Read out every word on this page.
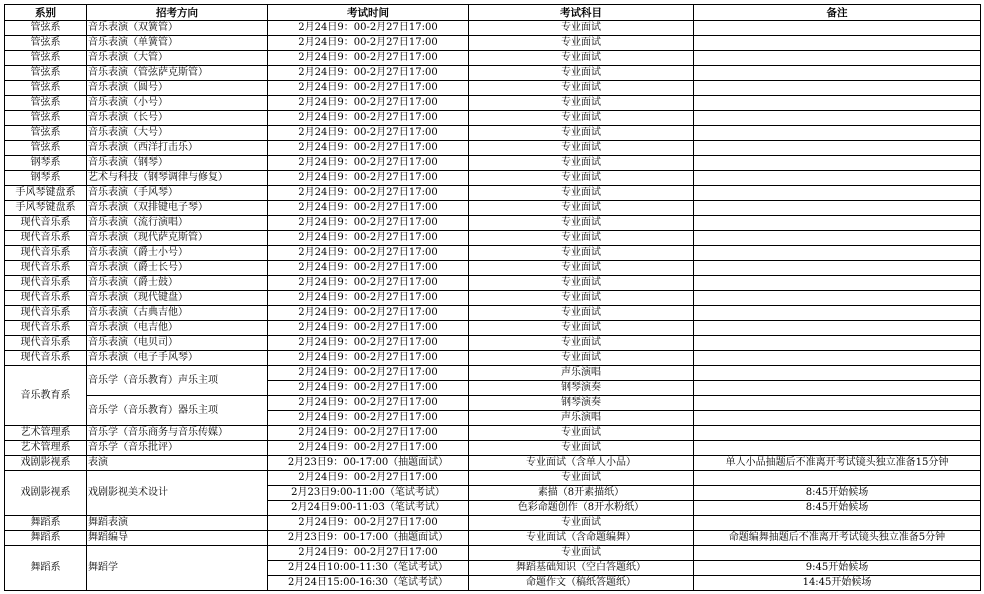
系别	招考方向	考试时间	考试科目	备注
管弦系	音乐表演（双簧管）	2月24日9：00-2月27日17:00	专业面试	
管弦系	音乐表演（单簧管）	2月24日9：00-2月27日17:00	专业面试	
管弦系	音乐表演（大管）	2月24日9：00-2月27日17:00	专业面试	
管弦系	音乐表演（管弦萨克斯管）	2月24日9：00-2月27日17:00	专业面试	
管弦系	音乐表演（圆号）	2月24日9：00-2月27日17:00	专业面试	
管弦系	音乐表演（小号）	2月24日9：00-2月27日17:00	专业面试	
管弦系	音乐表演（长号）	2月24日9：00-2月27日17:00	专业面试	
管弦系	音乐表演（大号）	2月24日9：00-2月27日17:00	专业面试	
管弦系	音乐表演（西洋打击乐）	2月24日9：00-2月27日17:00	专业面试	
钢琴系	音乐表演（钢琴）	2月24日9：00-2月27日17:00	专业面试	
钢琴系	艺术与科技（钢琴调律与修复）	2月24日9：00-2月27日17:00	专业面试	
手风琴键盘系	音乐表演（手风琴）	2月24日9：00-2月27日17:00	专业面试	
手风琴键盘系	音乐表演（双排键电子琴）	2月24日9：00-2月27日17:00	专业面试	
现代音乐系	音乐表演（流行演唱）	2月24日9：00-2月27日17:00	专业面试	
现代音乐系	音乐表演（现代萨克斯管）	2月24日9：00-2月27日17:00	专业面试	
现代音乐系	音乐表演（爵士小号）	2月24日9：00-2月27日17:00	专业面试	
现代音乐系	音乐表演（爵士长号）	2月24日9：00-2月27日17:00	专业面试	
现代音乐系	音乐表演（爵士鼓）	2月24日9：00-2月27日17:00	专业面试	
现代音乐系	音乐表演（现代键盘）	2月24日9：00-2月27日17:00	专业面试	
现代音乐系	音乐表演（古典吉他）	2月24日9：00-2月27日17:00	专业面试	
现代音乐系	音乐表演（电吉他）	2月24日9：00-2月27日17:00	专业面试	
现代音乐系	音乐表演（电贝司）	2月24日9：00-2月27日17:00	专业面试	
现代音乐系	音乐表演（电子手风琴）	2月24日9：00-2月27日17:00	专业面试	
音乐教育系	音乐学（音乐教育）声乐主项	2月24日9：00-2月27日17:00	声乐演唱	
		2月24日9：00-2月27日17:00	钢琴演奏	
	音乐学（音乐教育）器乐主项	2月24日9：00-2月27日17:00	钢琴演奏	
		2月24日9：00-2月27日17:00	声乐演唱	
艺术管理系	音乐学（音乐商务与音乐传媒）	2月24日9：00-2月27日17:00	专业面试	
艺术管理系	音乐学（音乐批评）	2月24日9：00-2月27日17:00	专业面试	
戏剧影视系	表演	2月23日9：00-17:00（抽题面试）	专业面试（含单人小品）	单人小品抽题后不准离开考试镜头独立准备15分钟
戏剧影视系	戏剧影视美术设计	2月24日9：00-2月27日17:00	专业面试	
		2月23日9:00-11:00（笔试考试）	素描（8开素描纸）	8:45开始候场
		2月24日9:00-11:03（笔试考试）	色彩命题创作（8开水粉纸）	8:45开始候场
舞蹈系	舞蹈表演	2月24日9：00-2月27日17:00	专业面试	
舞蹈系	舞蹈编导	2月23日9：00-17:00（抽题面试）	专业面试（含命题编舞）	命题编舞抽题后不准离开考试镜头独立准备5分钟
舞蹈系	舞蹈学	2月24日9：00-2月27日17:00	专业面试	
		2月24日10:00-11:30（笔试考试）	舞蹈基础知识（空白答题纸）	9:45开始候场
		2月24日15:00-16:30（笔试考试）	命题作文（稿纸答题纸）	14:45开始候场
